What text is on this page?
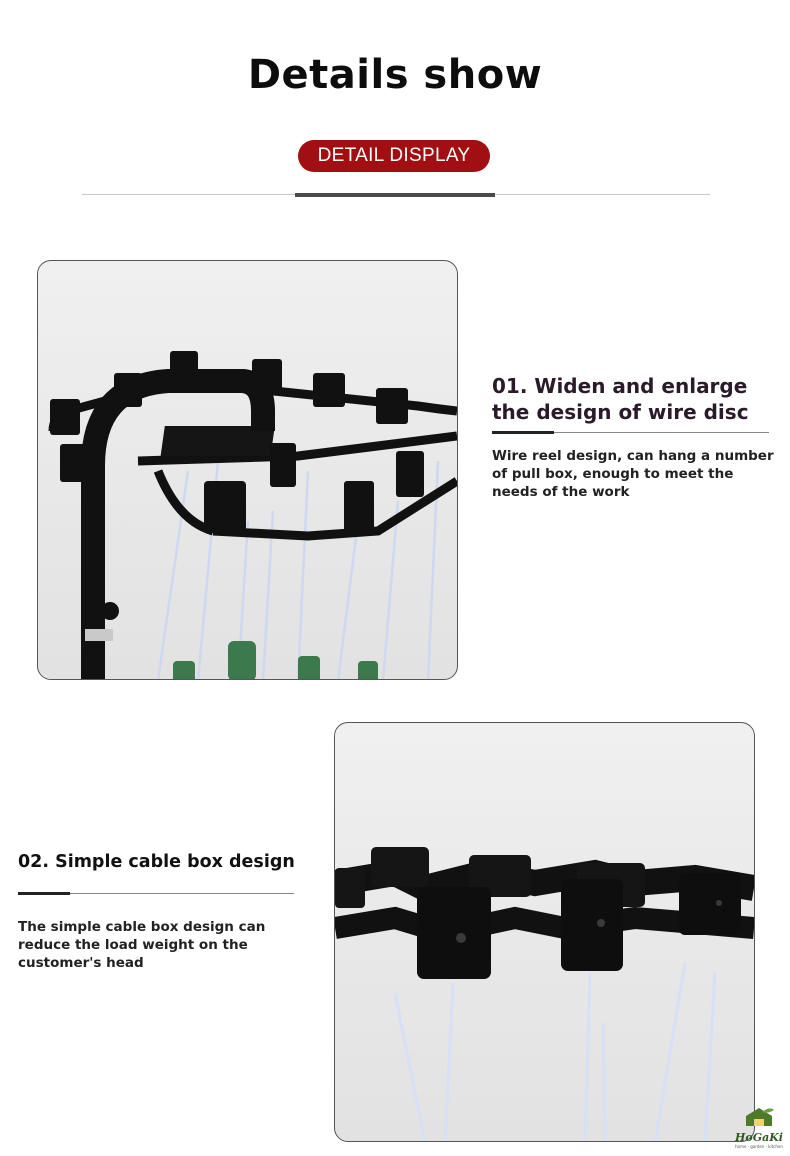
Details show
DETAIL DISPLAY
01. Widen and enlarge the design of wire disc
Wire reel design, can hang a number of pull box, enough to meet the needs of the work
02. Simple cable box design
The simple cable box design can reduce the load weight on the customer's head
HoGaKi
home · garden · kitchen
